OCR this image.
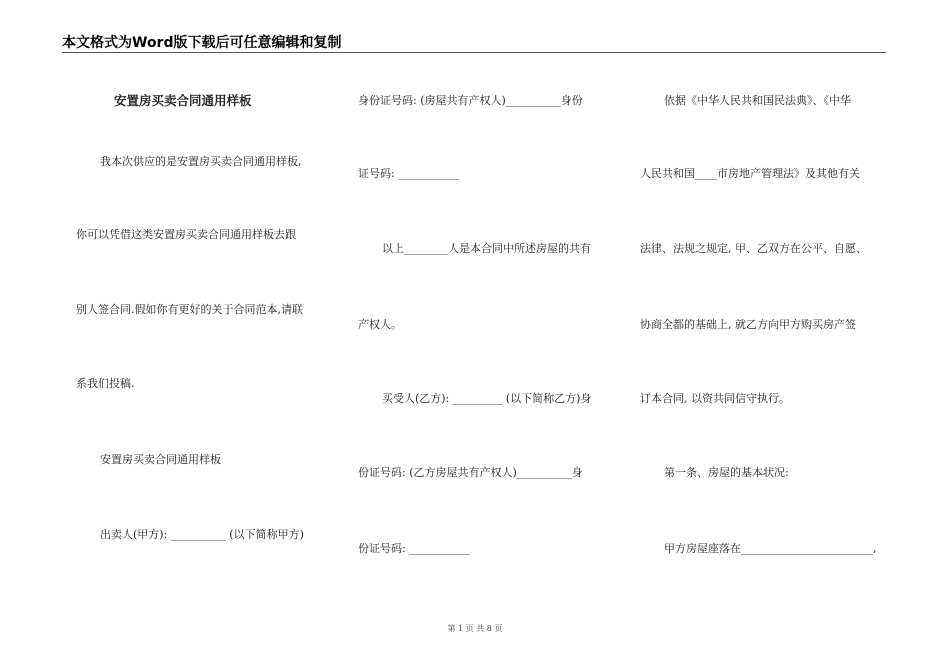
本文格式为Word版下载后可任意编辑和复制
安置房买卖合同通用样板
我本次供应的是安置房买卖合同通用样板,
你可以凭借这类安置房买卖合同通用样板去跟
别人签合同.假如你有更好的关于合同范本,请联
系我们投稿.
安置房买卖合同通用样板
出卖人(甲方): __________ (以下简称甲方)
身份证号码: (房屋共有产权人)__________身份
证号码: ___________
以上________人是本合同中所述房屋的共有
产权人。
买受人(乙方): _________ (以下简称乙方)身
份证号码: (乙方房屋共有产权人)__________身
份证号码: ___________
依据《中华人民共和国民法典》、《中华
人民共和国____市房地产管理法》及其他有关
法律、法规之规定, 甲、乙双方在公平、自愿、
协商全都的基础上, 就乙方向甲方购买房产签
订本合同, 以资共同信守执行。
第一条、房屋的基本状况:
甲方房屋座落在________________________,
第 1 页 共 8 页
